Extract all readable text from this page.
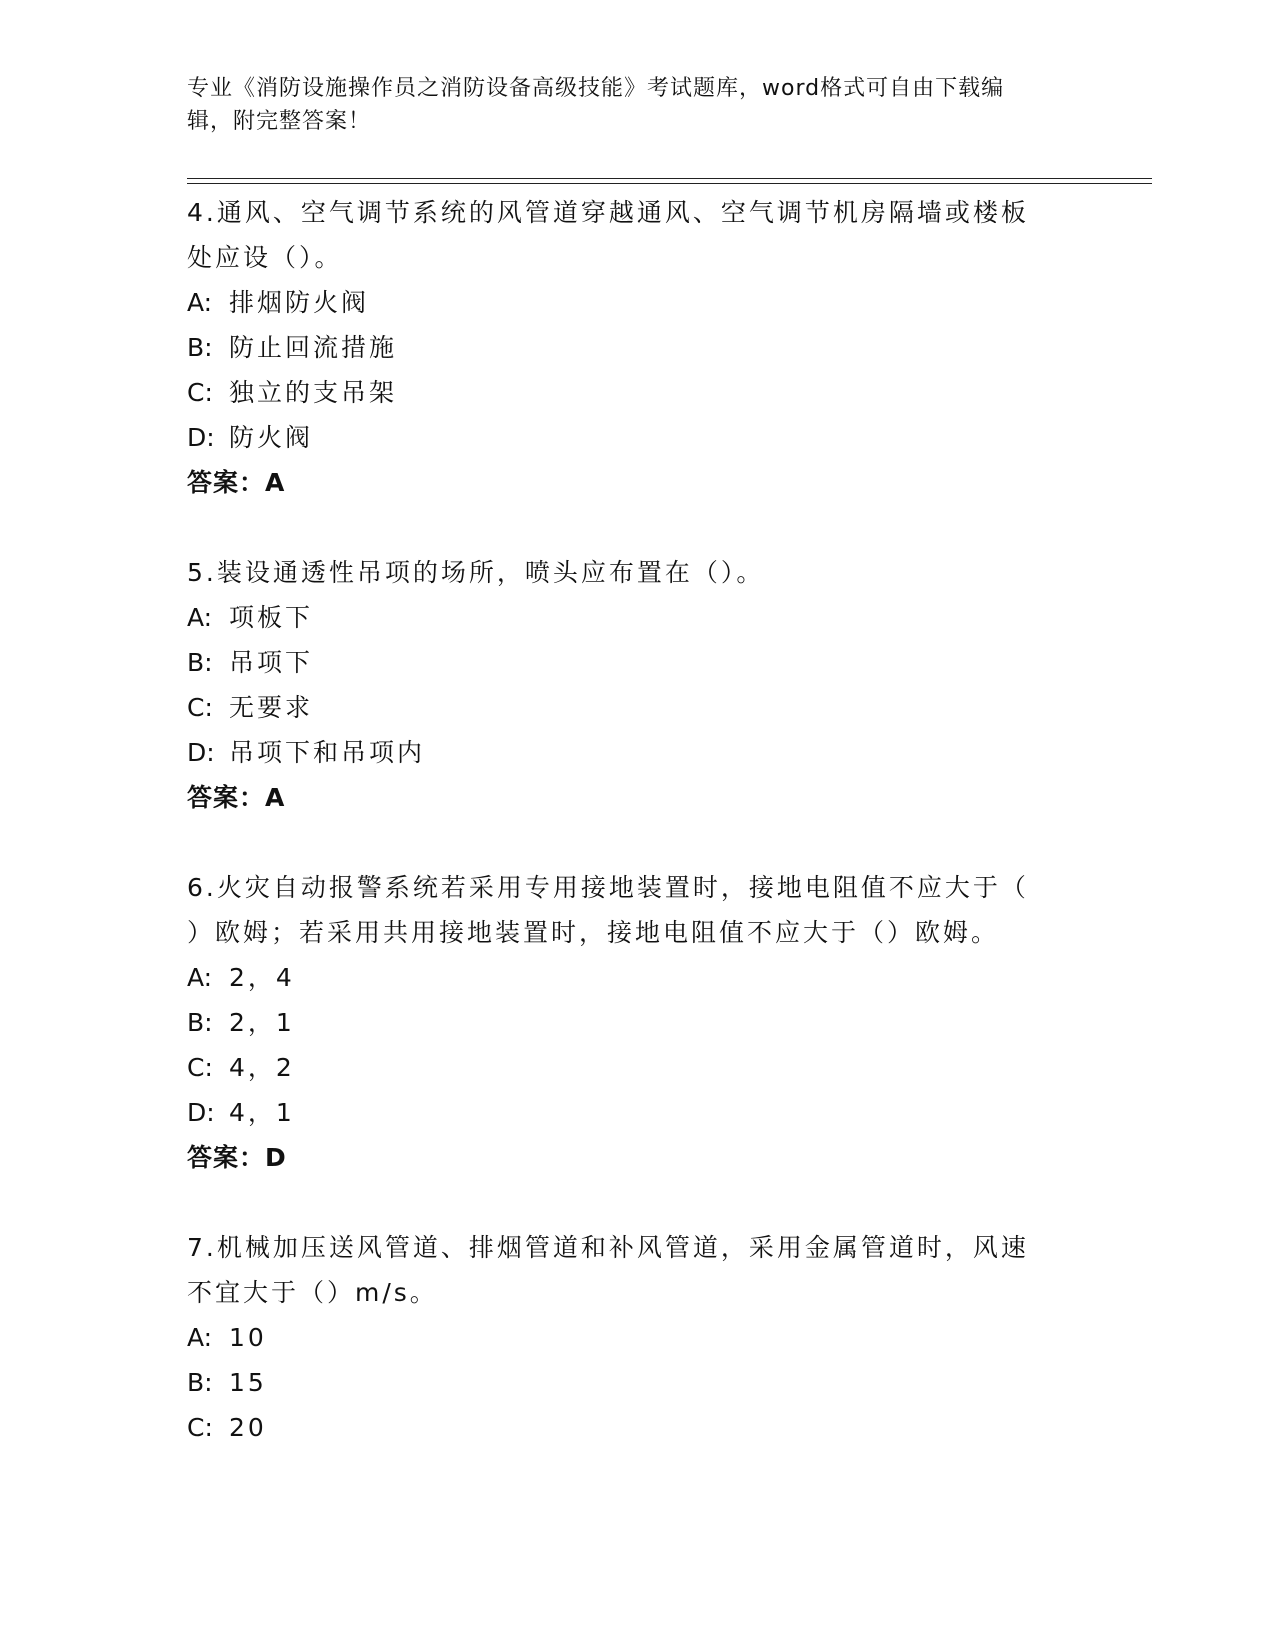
专业《消防设施操作员之消防设备高级技能》考试题库，word格式可自由下载编
辑，附完整答案！
4.通风、空气调节系统的风管道穿越通风、空气调节机房隔墙或楼板
处应设（）。
A: 排烟防火阀
B: 防止回流措施
C: 独立的支吊架
D: 防火阀
答案：A
5.装设通透性吊项的场所，喷头应布置在（）。
A: 项板下
B: 吊项下
C: 无要求
D: 吊项下和吊项内
答案：A
6.火灾自动报警系统若采用专用接地装置时，接地电阻值不应大于（
）欧姆；若采用共用接地装置时，接地电阻值不应大于（）欧姆。
A: 2，4
B: 2，1
C: 4，2
D: 4，1
答案：D
7.机械加压送风管道、排烟管道和补风管道，采用金属管道时，风速
不宜大于（）m/s。
A: 10
B: 15
C: 20
